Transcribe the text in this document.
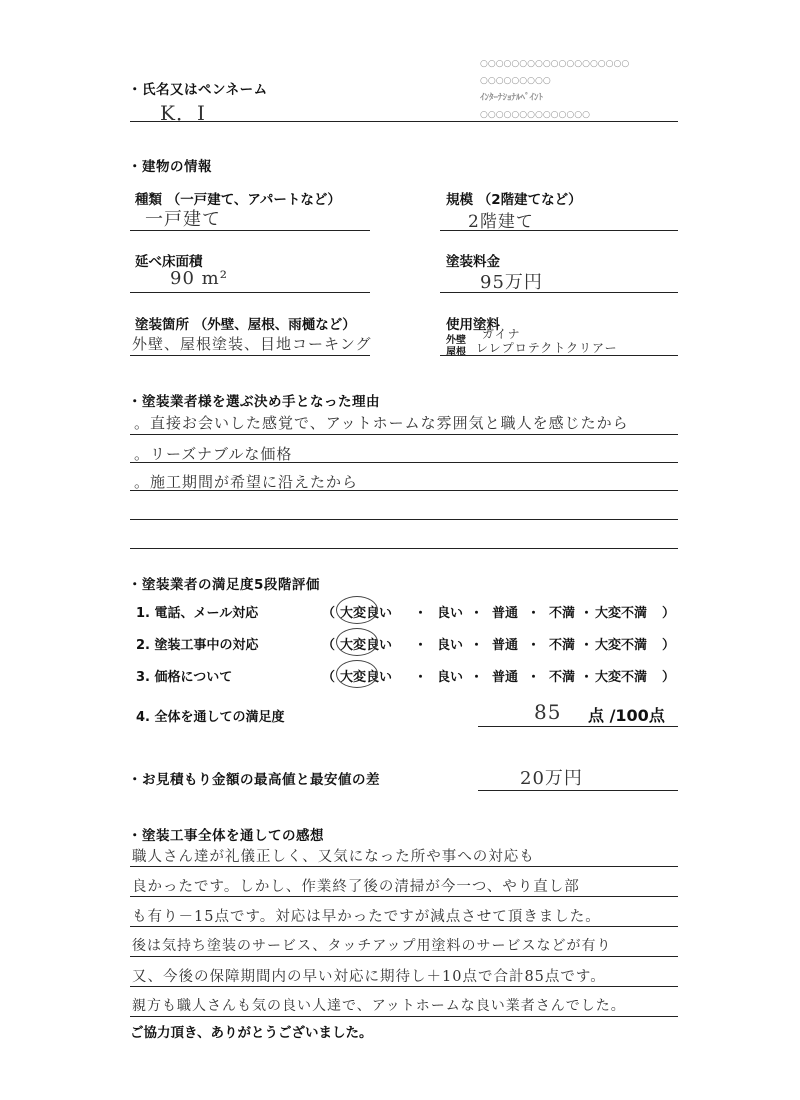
○○○○○○○○○○○○○○○○○○○
○○○○○○○○○
ｲﾝﾀｰﾅｼｮﾅﾙﾍﾟｲﾝﾄ
○○○○○○○○○○○○○○
・氏名又はペンネーム
K．I
・建物の情報
種類 （一戸建て、アパートなど）
一戸建て
規模 （2階建てなど）
2階建て
延べ床面積
90 m²
塗装料金
95万円
塗装箇所 （外壁、屋根、雨樋など）
外壁、屋根塗装、目地コーキング
使用塗料
外壁 ガイナ
屋根 レレプロテクトクリアー
・塗装業者様を選ぶ決め手となった理由
。直接お会いした感覚で、アットホームな雰囲気と職人を感じたから
。リーズナブルな価格
。施工期間が希望に沿えたから
・塗装業者の満足度5段階評価
1. 電話、メール対応	（ 大変良い ・ 良い ・ 普通 ・ 不満 ・ 大変不満 ）
2. 塗装工事中の対応	（ 大変良い ・ 良い ・ 普通 ・ 不満 ・ 大変不満 ）
3. 価格について	（ 大変良い ・ 良い ・ 普通 ・ 不満 ・ 大変不満 ）
4. 全体を通しての満足度	85 点 /100点
・お見積もり金額の最高値と最安値の差	20万円
・塗装工事全体を通しての感想
職人さん達が礼儀正しく、又気になった所や事への対応も
良かったです。しかし、作業終了後の清掃が今一つ、やり直し部
も有り－15点です。対応は早かったですが減点させて頂きました。
後は気持ち塗装のサービス、タッチアップ用塗料のサービスなどが有り
又、今後の保障期間内の早い対応に期待し＋10点で合計85点です。
親方も職人さんも気の良い人達で、アットホームな良い業者さんでした。
ご協力頂き、ありがとうございました。
